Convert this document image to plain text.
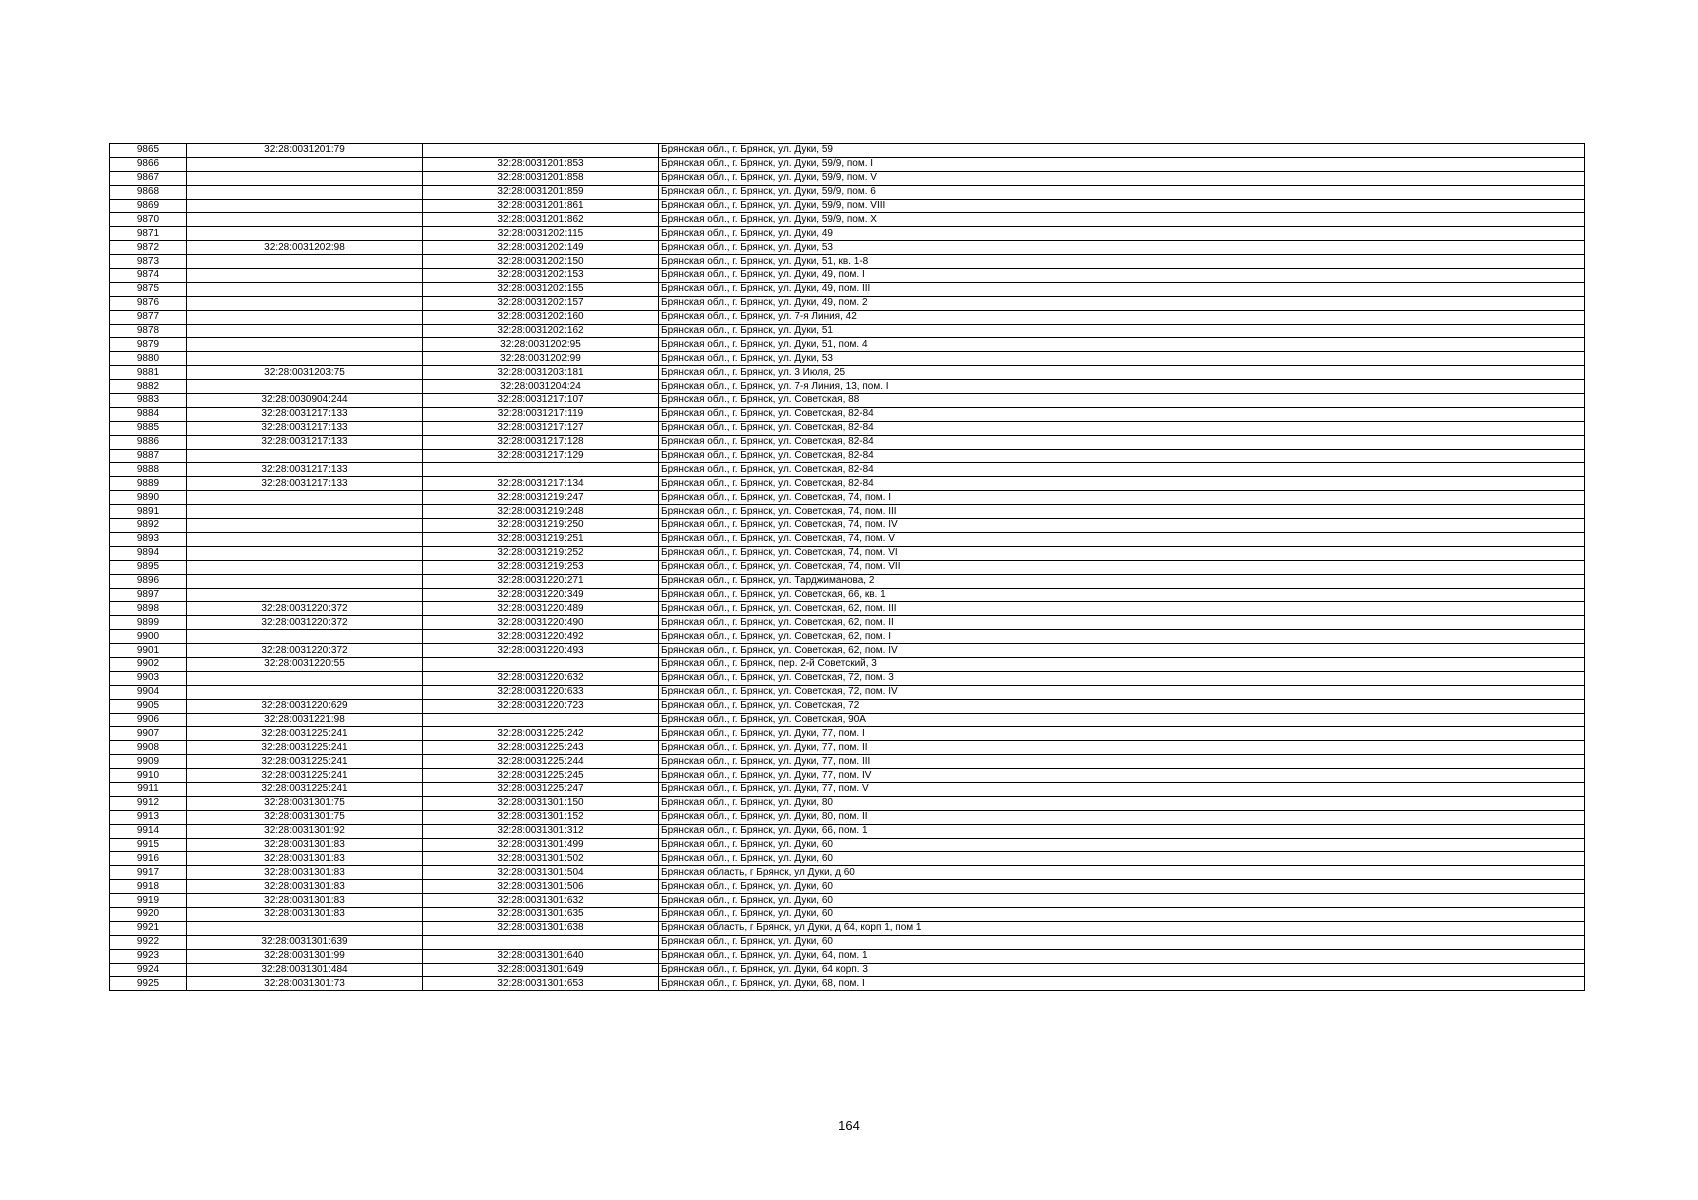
9865	32:28:0031201:79		Брянская обл., г. Брянск, ул. Дуки, 59
9866		32:28:0031201:853	Брянская обл., г. Брянск, ул. Дуки, 59/9, пом. I
9867		32:28:0031201:858	Брянская обл., г. Брянск, ул. Дуки, 59/9, пом. V
9868		32:28:0031201:859	Брянская обл., г. Брянск, ул. Дуки, 59/9, пом. 6
9869		32:28:0031201:861	Брянская обл., г. Брянск, ул. Дуки, 59/9, пом. VIII
9870		32:28:0031201:862	Брянская обл., г. Брянск, ул. Дуки, 59/9, пом. X
9871		32:28:0031202:115	Брянская обл., г. Брянск, ул. Дуки, 49
9872	32:28:0031202:98	32:28:0031202:149	Брянская обл., г. Брянск, ул. Дуки, 53
9873		32:28:0031202:150	Брянская обл., г. Брянск, ул. Дуки, 51, кв. 1-8
9874		32:28:0031202:153	Брянская обл., г. Брянск, ул. Дуки, 49, пом. I
9875		32:28:0031202:155	Брянская обл., г. Брянск, ул. Дуки, 49, пом. III
9876		32:28:0031202:157	Брянская обл., г. Брянск, ул. Дуки, 49, пом. 2
9877		32:28:0031202:160	Брянская обл., г. Брянск, ул. 7-я Линия, 42
9878		32:28:0031202:162	Брянская обл., г. Брянск, ул. Дуки, 51
9879		32:28:0031202:95	Брянская обл., г. Брянск, ул. Дуки, 51, пом. 4
9880		32:28:0031202:99	Брянская обл., г. Брянск, ул. Дуки, 53
9881	32:28:0031203:75	32:28:0031203:181	Брянская обл., г. Брянск, ул. 3 Июля, 25
9882		32:28:0031204:24	Брянская обл., г. Брянск, ул. 7-я Линия, 13, пом. I
9883	32:28:0030904:244	32:28:0031217:107	Брянская обл., г. Брянск, ул. Советская, 88
9884	32:28:0031217:133	32:28:0031217:119	Брянская обл., г. Брянск, ул. Советская, 82-84
9885	32:28:0031217:133	32:28:0031217:127	Брянская обл., г. Брянск, ул. Советская, 82-84
9886	32:28:0031217:133	32:28:0031217:128	Брянская обл., г. Брянск, ул. Советская, 82-84
9887		32:28:0031217:129	Брянская обл., г. Брянск, ул. Советская, 82-84
9888	32:28:0031217:133		Брянская обл., г. Брянск, ул. Советская, 82-84
9889	32:28:0031217:133	32:28:0031217:134	Брянская обл., г. Брянск, ул. Советская, 82-84
9890		32:28:0031219:247	Брянская обл., г. Брянск, ул. Советская, 74, пом. I
9891		32:28:0031219:248	Брянская обл., г. Брянск, ул. Советская, 74, пом. III
9892		32:28:0031219:250	Брянская обл., г. Брянск, ул. Советская, 74, пом. IV
9893		32:28:0031219:251	Брянская обл., г. Брянск, ул. Советская, 74, пом. V
9894		32:28:0031219:252	Брянская обл., г. Брянск, ул. Советская, 74, пом. VI
9895		32:28:0031219:253	Брянская обл., г. Брянск, ул. Советская, 74, пом. VII
9896		32:28:0031220:271	Брянская обл., г. Брянск, ул. Тарджиманова, 2
9897		32:28:0031220:349	Брянская обл., г. Брянск, ул. Советская, 66, кв. 1
9898	32:28:0031220:372	32:28:0031220:489	Брянская обл., г. Брянск, ул. Советская, 62, пом. III
9899	32:28:0031220:372	32:28:0031220:490	Брянская обл., г. Брянск, ул. Советская, 62, пом. II
9900		32:28:0031220:492	Брянская обл., г. Брянск, ул. Советская, 62, пом. I
9901	32:28:0031220:372	32:28:0031220:493	Брянская обл., г. Брянск, ул. Советская, 62, пом. IV
9902	32:28:0031220:55		Брянская обл., г. Брянск, пер. 2-й Советский, 3
9903		32:28:0031220:632	Брянская обл., г. Брянск, ул. Советская, 72, пом. 3
9904		32:28:0031220:633	Брянская обл., г. Брянск, ул. Советская, 72, пом. IV
9905	32:28:0031220:629	32:28:0031220:723	Брянская обл., г. Брянск, ул. Советская, 72
9906	32:28:0031221:98		Брянская обл., г. Брянск, ул. Советская, 90А
9907	32:28:0031225:241	32:28:0031225:242	Брянская обл., г. Брянск, ул. Дуки, 77, пом. I
9908	32:28:0031225:241	32:28:0031225:243	Брянская обл., г. Брянск, ул. Дуки, 77, пом. II
9909	32:28:0031225:241	32:28:0031225:244	Брянская обл., г. Брянск, ул. Дуки, 77, пом. III
9910	32:28:0031225:241	32:28:0031225:245	Брянская обл., г. Брянск, ул. Дуки, 77, пом. IV
9911	32:28:0031225:241	32:28:0031225:247	Брянская обл., г. Брянск, ул. Дуки, 77, пом. V
9912	32:28:0031301:75	32:28:0031301:150	Брянская обл., г. Брянск, ул. Дуки, 80
9913	32:28:0031301:75	32:28:0031301:152	Брянская обл., г. Брянск, ул. Дуки, 80, пом. II
9914	32:28:0031301:92	32:28:0031301:312	Брянская обл., г. Брянск, ул. Дуки, 66, пом. 1
9915	32:28:0031301:83	32:28:0031301:499	Брянская обл., г. Брянск, ул. Дуки, 60
9916	32:28:0031301:83	32:28:0031301:502	Брянская обл., г. Брянск, ул. Дуки, 60
9917	32:28:0031301:83	32:28:0031301:504	Брянская область, г Брянск, ул Дуки, д 60
9918	32:28:0031301:83	32:28:0031301:506	Брянская обл., г. Брянск, ул. Дуки, 60
9919	32:28:0031301:83	32:28:0031301:632	Брянская обл., г. Брянск, ул. Дуки, 60
9920	32:28:0031301:83	32:28:0031301:635	Брянская обл., г. Брянск, ул. Дуки, 60
9921		32:28:0031301:638	Брянская область, г Брянск, ул Дуки, д 64, корп 1, пом 1
9922	32:28:0031301:639		Брянская обл., г. Брянск, ул. Дуки, 60
9923	32:28:0031301:99	32:28:0031301:640	Брянская обл., г. Брянск, ул. Дуки, 64, пом. 1
9924	32:28:0031301:484	32:28:0031301:649	Брянская обл., г. Брянск, ул. Дуки, 64 корп. 3
9925	32:28:0031301:73	32:28:0031301:653	Брянская обл., г. Брянск, ул. Дуки, 68, пом. I
164
